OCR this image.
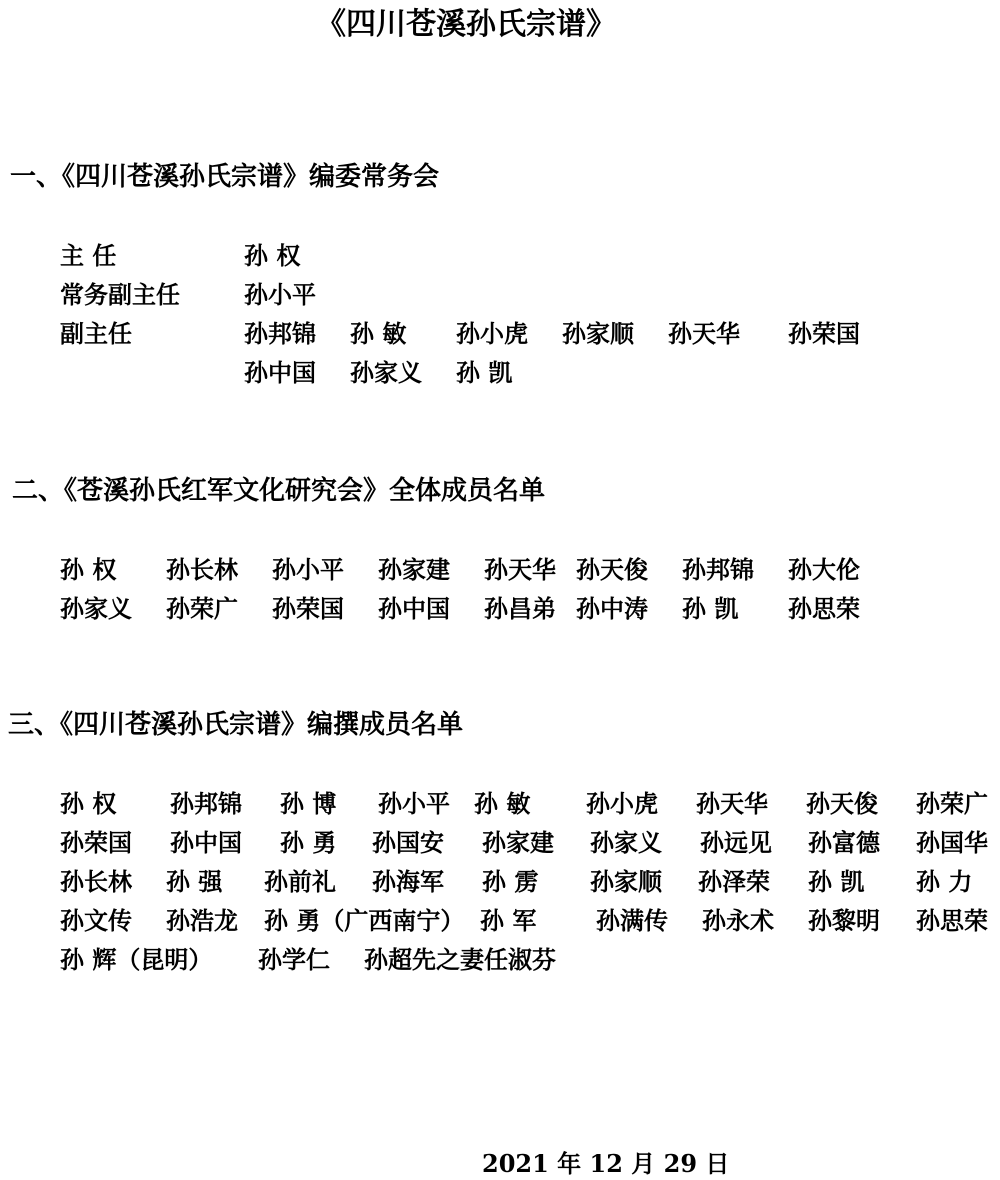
《四川苍溪孙氏宗谱》
一、《四川苍溪孙氏宗谱》编委常务会
主 任	孙 权
常务副主任	孙小平
副主任	孙邦锦 孙 敏 孙小虎 孙家顺 孙天华 孙荣国
孙中国 孙家义 孙 凯
二、《苍溪孙氏红军文化研究会》全体成员名单
孙 权 孙长林 孙小平 孙家建 孙天华 孙天俊 孙邦锦 孙大伦
孙家义 孙荣广 孙荣国 孙中国 孙昌弟 孙中涛 孙 凯 孙思荣
三、《四川苍溪孙氏宗谱》编撰成员名单
孙 权 孙邦锦 孙 博 孙小平 孙 敏 孙小虎 孙天华 孙天俊 孙荣广
孙荣国 孙中国 孙 勇 孙国安 孙家建 孙家义 孙远见 孙富德 孙国华
孙长林 孙 强 孙前礼 孙海军 孙 雳 孙家顺 孙泽荣 孙 凯 孙 力
孙文传 孙浩龙 孙 勇（广西南宁） 孙 军 孙满传 孙永术 孙黎明 孙思荣
孙 辉（昆明） 孙学仁 孙超先之妻任淑芬
2021 年 12 月 29 日
